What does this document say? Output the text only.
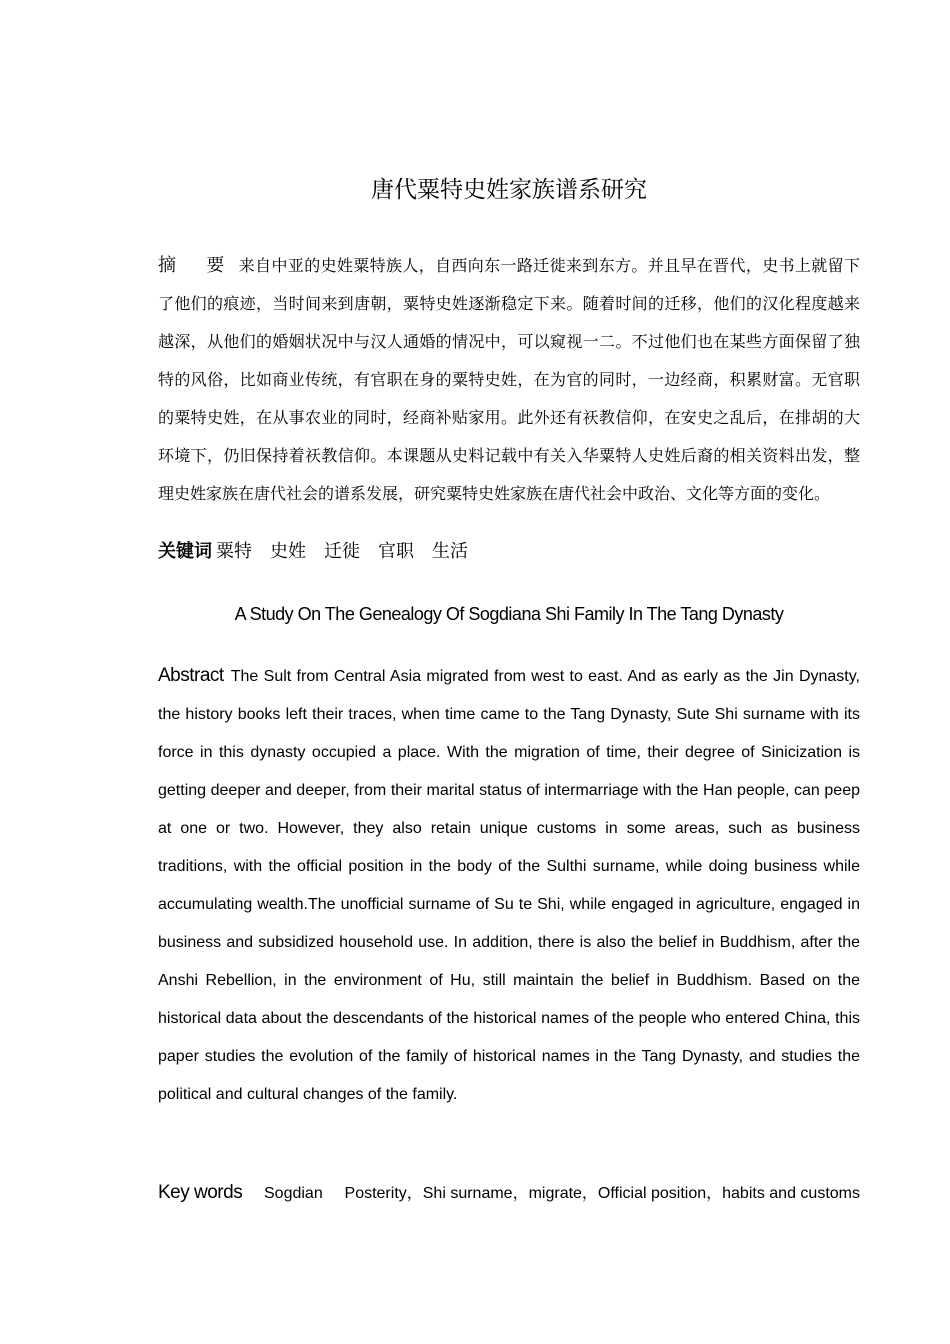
唐代粟特史姓家族谱系研究

摘 要 来自中亚的史姓粟特族人，自西向东一路迁徙来到东方。并且早在晋代，史书上就留下了他们的痕迹，当时间来到唐朝，粟特史姓逐渐稳定下来。随着时间的迁移，他们的汉化程度越来越深，从他们的婚姻状况中与汉人通婚的情况中，可以窥视一二。不过他们也在某些方面保留了独特的风俗，比如商业传统，有官职在身的粟特史姓，在为官的同时，一边经商，积累财富。无官职的粟特史姓，在从事农业的同时，经商补贴家用。此外还有祆教信仰，在安史之乱后，在排胡的大环境下，仍旧保持着祆教信仰。本课题从史料记载中有关入华粟特人史姓后裔的相关资料出发，整理史姓家族在唐代社会的谱系发展，研究粟特史姓家族在唐代社会中政治、文化等方面的变化。

关键词 粟特 史姓 迁徙 官职 生活

A Study On The Genealogy Of Sogdiana Shi Family In The Tang Dynasty

Abstract The Sult from Central Asia migrated from west to east. And as early as the Jin Dynasty, the history books left their traces, when time came to the Tang Dynasty, Sute Shi surname with its force in this dynasty occupied a place. With the migration of time, their degree of Sinicization is getting deeper and deeper, from their marital status of intermarriage with the Han people, can peep at one or two. However, they also retain unique customs in some areas, such as business traditions, with the official position in the body of the Sulthi surname, while doing business while accumulating wealth.The unofficial surname of Su te Shi, while engaged in agriculture, engaged in business and subsidized household use. In addition, there is also the belief in Buddhism, after the Anshi Rebellion, in the environment of Hu, still maintain the belief in Buddhism. Based on the historical data about the descendants of the historical names of the people who entered China, this paper studies the evolution of the family of historical names in the Tang Dynasty, and studies the political and cultural changes of the family.

Key words Sogdian Posterity，Shi surname，migrate，Official position，habits and customs
